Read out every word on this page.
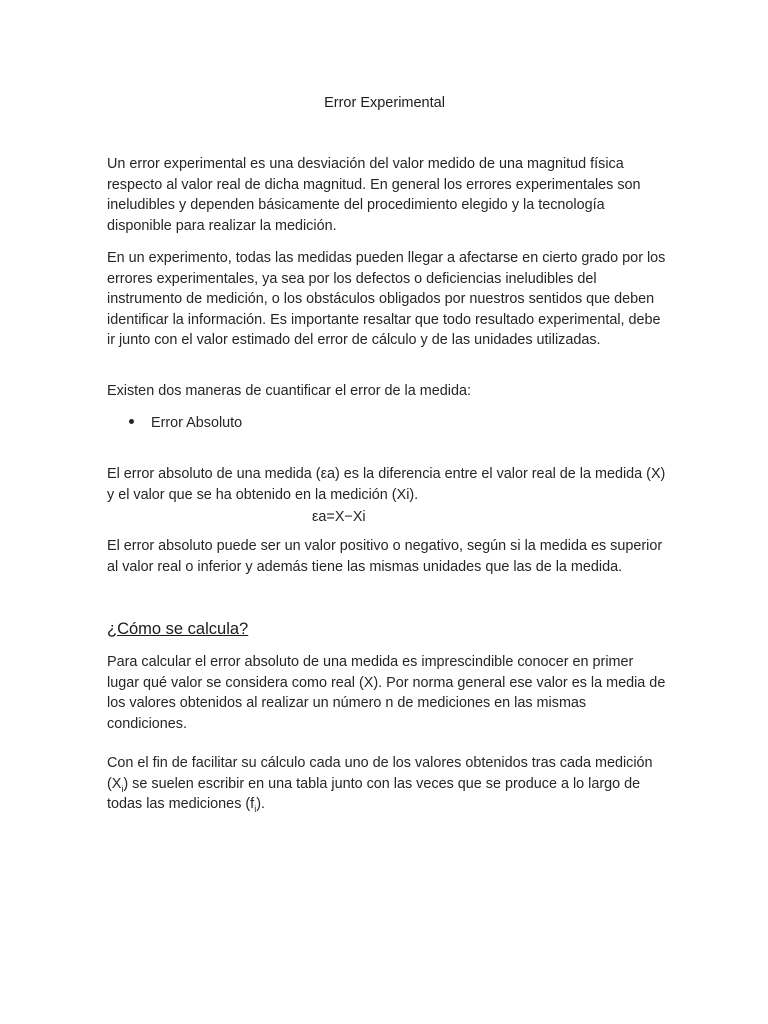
Error Experimental

Un error experimental es una desviación del valor medido de una magnitud física respecto al valor real de dicha magnitud. En general los errores experimentales son ineludibles y dependen básicamente del procedimiento elegido y la tecnología disponible para realizar la medición.

En un experimento, todas las medidas pueden llegar a afectarse en cierto grado por los errores experimentales, ya sea por los defectos o deficiencias ineludibles del instrumento de medición, o los obstáculos obligados por nuestros sentidos que deben identificar la información. Es importante resaltar que todo resultado experimental, debe ir junto con el valor estimado del error de cálculo y de las unidades utilizadas.

Existen dos maneras de cuantificar el error de la medida:

Error Absoluto

El error absoluto de una medida (εa) es la diferencia entre el valor real de la medida (X) y el valor que se ha obtenido en la medición (Xi).

εa=X−Xi

El error absoluto puede ser un valor positivo o negativo, según si la medida es superior al valor real o inferior y además tiene las mismas unidades que las de la medida.

¿Cómo se calcula?

Para calcular el error absoluto de una medida es imprescindible conocer en primer lugar qué valor se considera como real (X). Por norma general ese valor es la media de los valores obtenidos al realizar un número n de mediciones en las mismas condiciones.

Con el fin de facilitar su cálculo cada uno de los valores obtenidos tras cada medición $(X_i)$ se suelen escribir en una tabla junto con las veces que se produce a lo largo de todas las mediciones $(f_i)$.
